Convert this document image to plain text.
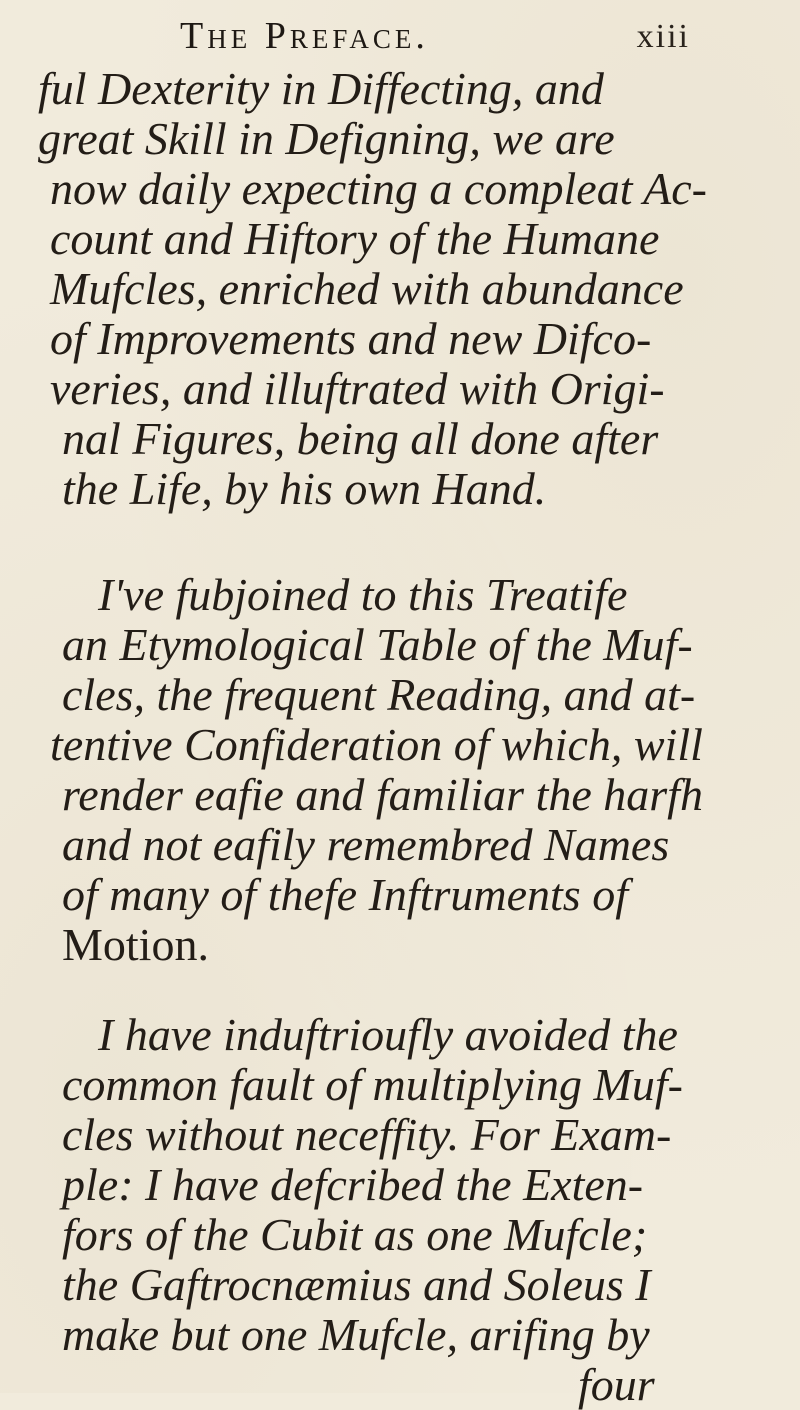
The Preface.	xiii

ful Dexterity in Diffecting, and
great Skill in Defigning, we are
now daily expecting a compleat Ac-
count and Hiftory of the Humane
Mufcles, enriched with abundance
of Improvements and new Difco-
veries, and illuftrated with Origi-
nal Figures, being all done after
the Life, by his own Hand.

I've fubjoined to this Treatife
an Etymological Table of the Muf-
cles, the frequent Reading, and at-
tentive Confideration of which, will
render eafie and familiar the harfh
and not eafily remembred Names
of many of thefe Inftruments of
Motion.

I have induftrioufly avoided the
common fault of multiplying Muf-
cles without neceffity. For Exam-
ple: I have defcribed the Exten-
fors of the Cubit as one Mufcle;
the Gaftrocnæmius and Soleus I
make but one Mufcle, arifing by

four
